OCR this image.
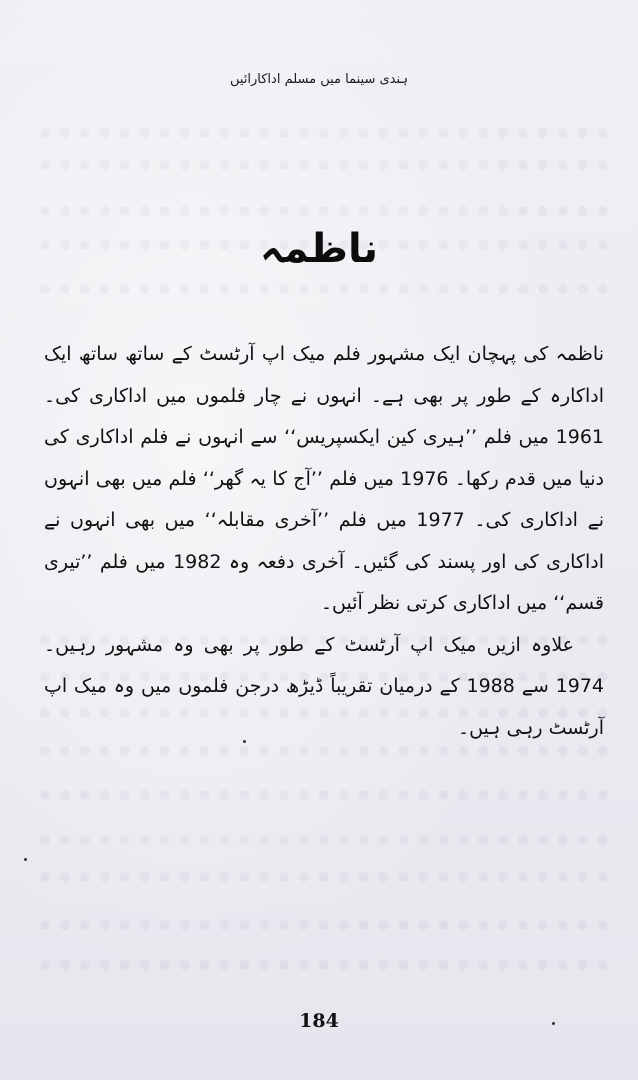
ہندی سینما میں مسلم اداکارائیں
ناظمہ

ناظمہ کی پہچان ایک مشہور فلم میک اپ آرٹسٹ کے ساتھ ساتھ ایک اداکارہ کے طور پر بھی ہے۔ انہوں نے چار فلموں میں اداکاری کی۔ 1961 میں فلم ’’ہیری کین ایکسپریس‘‘ سے انہوں نے فلم اداکاری کی دنیا میں قدم رکھا۔ 1976 میں فلم ’’آج کا یہ گھر‘‘ فلم میں بھی انہوں نے اداکاری کی۔ 1977 میں فلم ’’آخری مقابلہ‘‘ میں بھی انہوں نے اداکاری کی اور پسند کی گئیں۔ آخری دفعہ وہ 1982 میں فلم ’’تیری قسم‘‘ میں اداکاری کرتی نظر آئیں۔

علاوہ ازیں میک اپ آرٹسٹ کے طور پر بھی وہ مشہور رہیں۔ 1974 سے 1988 کے درمیان تقریباً ڈیڑھ درجن فلموں میں وہ میک اپ آرٹسٹ رہی ہیں۔

184
